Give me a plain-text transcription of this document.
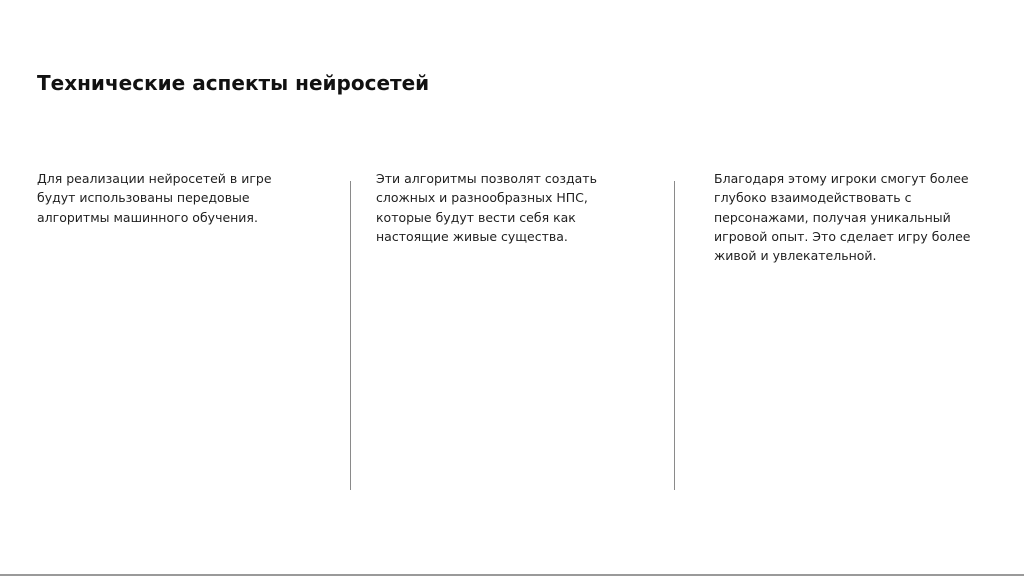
Технические аспекты нейросетей
Для реализации нейросетей в игре
будут использованы передовые
алгоритмы машинного обучения.
Эти алгоритмы позволят создать
сложных и разнообразных НПС,
которые будут вести себя как
настоящие живые существа.
Благодаря этому игроки смогут более
глубоко взаимодействовать с
персонажами, получая уникальный
игровой опыт. Это сделает игру более
живой и увлекательной.
